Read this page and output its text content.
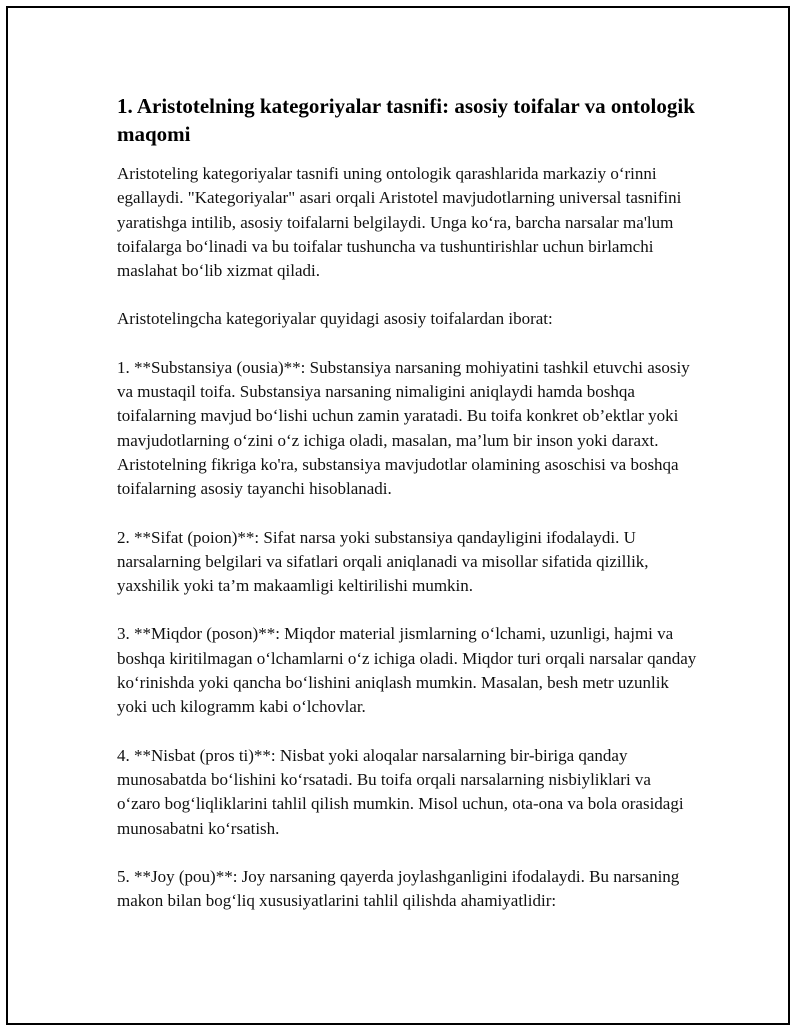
1. Aristotelning kategoriyalar tasnifi: asosiy toifalar va ontologik maqomi

Aristoteling kategoriyalar tasnifi uning ontologik qarashlarida markaziy oʻrinni egallaydi. "Kategoriyalar" asari orqali Aristotel mavjudotlarning universal tasnifini yaratishga intilib, asosiy toifalarni belgilaydi. Unga koʻra, barcha narsalar ma'lum toifalarga boʻlinadi va bu toifalar tushuncha va tushuntirishlar uchun birlamchi maslahat boʻlib xizmat qiladi.

Aristotelingcha kategoriyalar quyidagi asosiy toifalardan iborat:

1. **Substansiya (ousia)**: Substansiya narsaning mohiyatini tashkil etuvchi asosiy va mustaqil toifa. Substansiya narsaning nimaligini aniqlaydi hamda boshqa toifalarning mavjud boʻlishi uchun zamin yaratadi. Bu toifa konkret ob’ektlar yoki mavjudotlarning oʻzini oʻz ichiga oladi, masalan, ma’lum bir inson yoki daraxt. Aristotelning fikriga ko'ra, substansiya mavjudotlar olamining asoschisi va boshqa toifalarning asosiy tayanchi hisoblanadi.

2. **Sifat (poion)**: Sifat narsa yoki substansiya qandayligini ifodalaydi. U narsalarning belgilari va sifatlari orqali aniqlanadi va misollar sifatida qizillik, yaxshilik yoki ta’m makaamligi keltirilishi mumkin.

3. **Miqdor (poson)**: Miqdor material jismlarning oʻlchami, uzunligi, hajmi va boshqa kiritilmagan oʻlchamlarni oʻz ichiga oladi. Miqdor turi orqali narsalar qanday koʻrinishda yoki qancha boʻlishini aniqlash mumkin. Masalan, besh metr uzunlik yoki uch kilogramm kabi oʻlchovlar.

4. **Nisbat (pros ti)**: Nisbat yoki aloqalar narsalarning bir-biriga qanday munosabatda boʻlishini koʻrsatadi. Bu toifa orqali narsalarning nisbiyliklari va oʻzaro bogʻliqliklarini tahlil qilish mumkin. Misol uchun, ota-ona va bola orasidagi munosabatni koʻrsatish.

5. **Joy (pou)**: Joy narsaning qayerda joylashganligini ifodalaydi. Bu narsaning makon bilan bogʻliq xususiyatlarini tahlil qilishda ahamiyatlidir:
